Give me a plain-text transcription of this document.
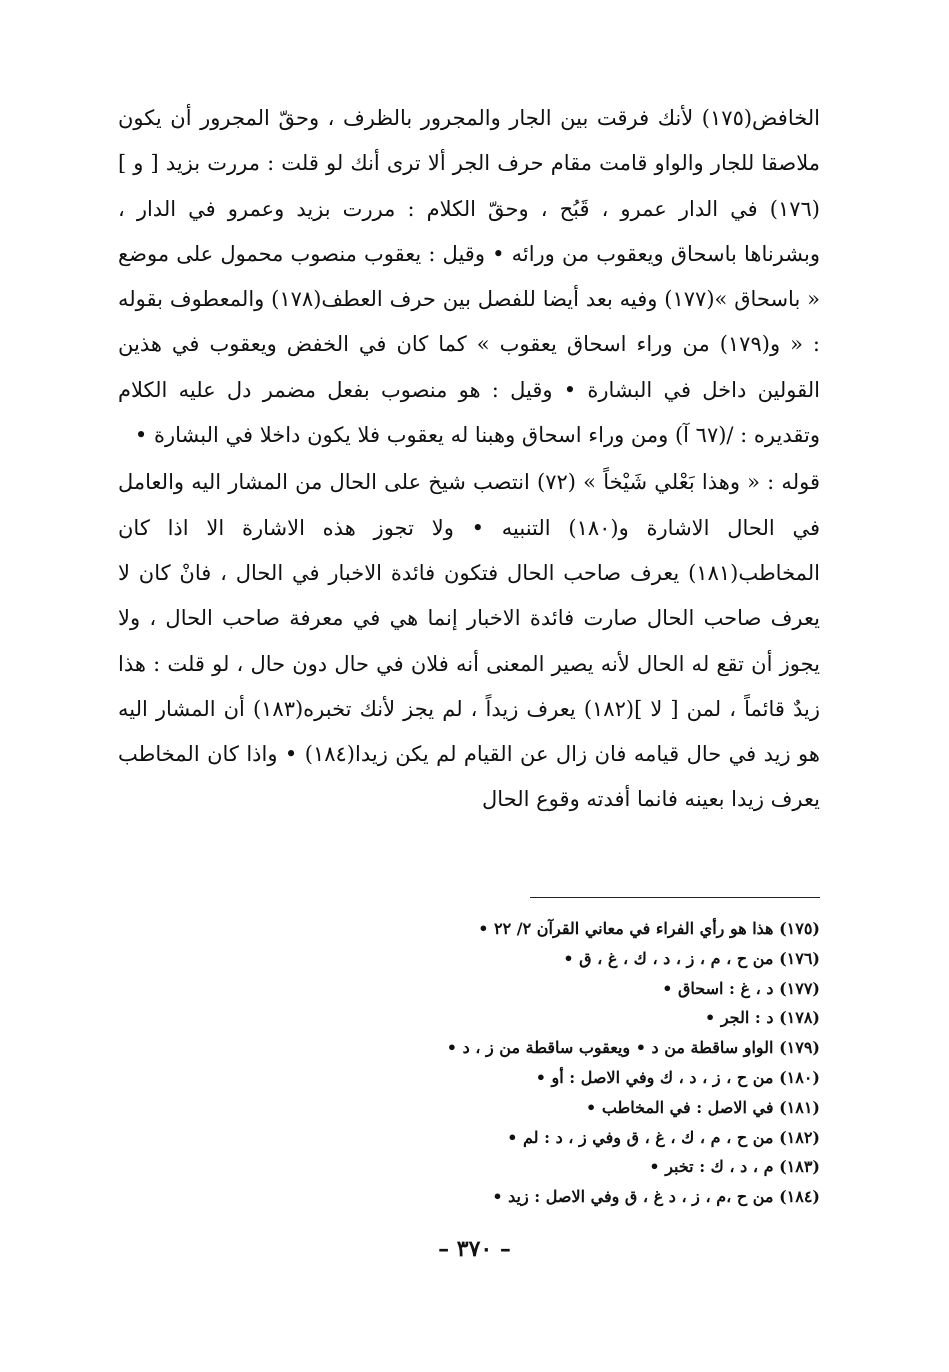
الخافض(١٧٥) لأنك فرقت بين الجار والمجرور بالظرف ، وحقّ المجرور أن يكون ملاصقا للجار والواو قامت مقام حرف الجر ألا ترى أنك لو قلت : مررت بزيد [ و ](١٧٦) في الدار عمرو ، قَبُح ، وحقّ الكلام : مررت بزيد وعمرو في الدار ، وبشرناها باسحاق ويعقوب من ورائه • وقيل : يعقوب منصوب محمول على موضع « باسحاق »(١٧٧) وفيه بعد أيضا للفصل بين حرف العطف(١٧٨) والمعطوف بقوله : « و(١٧٩) من وراء اسحاق يعقوب » كما كان في الخفض ويعقوب في هذين القولين داخل في البشارة • وقيل : هو منصوب بفعل مضمر دل عليه الكلام وتقديره : /(٦٧ آ) ومن وراء اسحاق وهبنا له يعقوب فلا يكون داخلا في البشارة •

قوله : « وهذا بَعْلي شَيْخاً » (٧٢) انتصب شيخ على الحال من المشار اليه والعامل في الحال الاشارة و(١٨٠) التنبيه • ولا تجوز هذه الاشارة الا اذا كان المخاطب(١٨١) يعرف صاحب الحال فتكون فائدة الاخبار في الحال ، فانْ كان لا يعرف صاحب الحال صارت فائدة الاخبار إنما هي في معرفة صاحب الحال ، ولا يجوز أن تقع له الحال لأنه يصير المعنى أنه فلان في حال دون حال ، لو قلت : هذا زيدٌ قائماً ، لمن [ لا ](١٨٢) يعرف زيداً ، لم يجز لأنك تخبره(١٨٣) أن المشار اليه هو زيد في حال قيامه فان زال عن القيام لم يكن زيدا(١٨٤) • واذا كان المخاطب يعرف زيدا بعينه فانما أفدته وقوع الحال

(١٧٥) هذا هو رأي الفراء في معاني القرآن ٢/ ٢٢ •
(١٧٦) من ح ، م ، ز ، د ، ك ، غ ، ق •
(١٧٧) د ، غ : اسحاق •
(١٧٨) د : الجر •
(١٧٩) الواو ساقطة من د • ويعقوب ساقطة من ز ، د •
(١٨٠) من ح ، ز ، د ، ك وفي الاصل : أو •
(١٨١) في الاصل : في المخاطب •
(١٨٢) من ح ، م ، ك ، غ ، ق وفي ز ، د : لم •
(١٨٣) م ، د ، ك : تخبر •
(١٨٤) من ح ،م ، ز ، د غ ، ق وفي الاصل : زيد •
– ٣٧٠ –
